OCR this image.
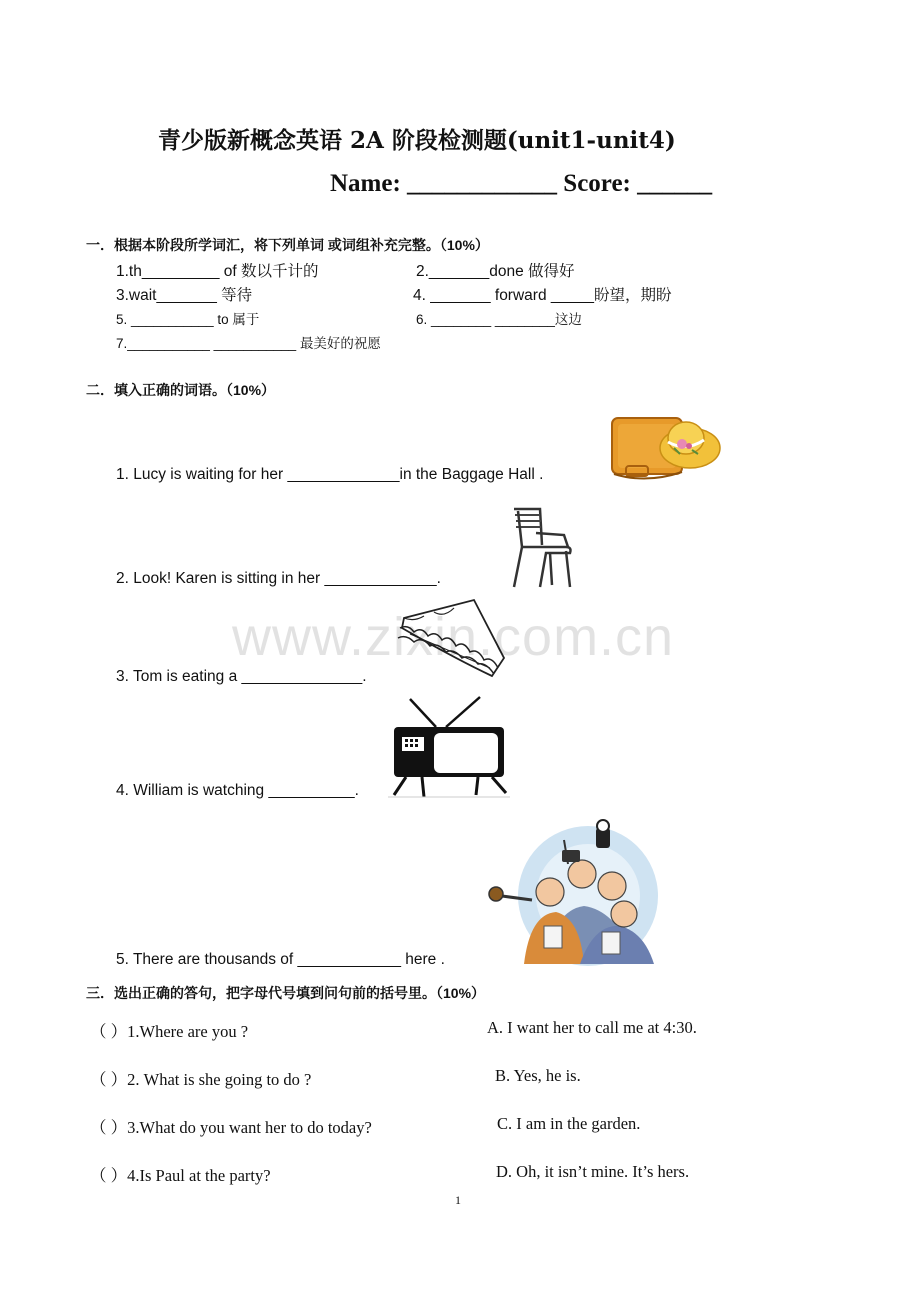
青少版新概念英语 2A 阶段检测题(unit1-unit4)
Name: ____________ Score: ______
一．根据本阶段所学词汇，将下列单词 或词组补充完整。（10%）
1.th_________ of 数以千计的	2._______done 做得好
3.wait_______ 等待	4. _______ forward _____盼望，期盼
5. ___________ to 属于	6. ________ ________这边
7.___________ ___________ 最美好的祝愿
二．填入正确的词语。（10%）
1. Lucy is waiting for her _____________in the Baggage Hall .
2. Look! Karen is sitting in her _____________.
3. Tom is eating a ______________.
4. William is watching __________.
5. There are thousands of ____________ here .
www.zixin.com.cn
三．选出正确的答句，把字母代号填到问句前的括号里。（10%）
（ ）1.Where are you ?	A. I want her to call me at 4:30.
（ ）2. What is she going to do ?	B. Yes, he is.
（ ）3.What do you want her to do today?	C. I am in the garden.
（ ）4.Is Paul at the party?	D. Oh, it isn’t mine. It’s hers.
1
